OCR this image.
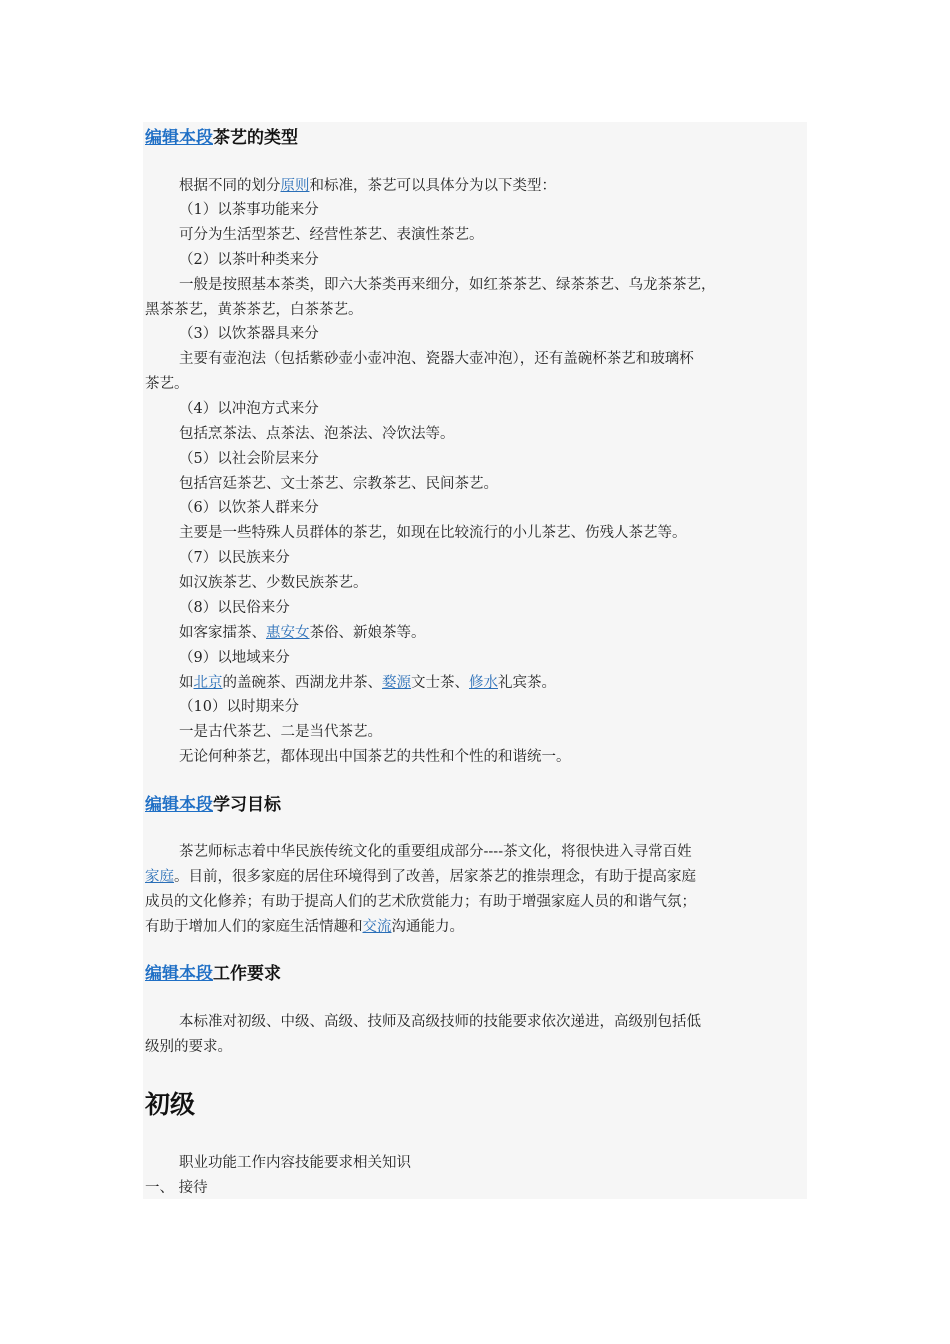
编辑本段茶艺的类型
根据不同的划分原则和标准，茶艺可以具体分为以下类型：
（1）以茶事功能来分
可分为生活型茶艺、经营性茶艺、表演性茶艺。
（2）以茶叶种类来分
一般是按照基本茶类，即六大茶类再来细分，如红茶茶艺、绿茶茶艺、乌龙茶茶艺，
黑茶茶艺，黄茶茶艺，白茶茶艺。
（3）以饮茶器具来分
主要有壶泡法（包括紫砂壶小壶冲泡、瓷器大壶冲泡），还有盖碗杯茶艺和玻璃杯
茶艺。
（4）以冲泡方式来分
包括烹茶法、点茶法、泡茶法、冷饮法等。
（5）以社会阶层来分
包括宫廷茶艺、文士茶艺、宗教茶艺、民间茶艺。
（6）以饮茶人群来分
主要是一些特殊人员群体的茶艺，如现在比较流行的小儿茶艺、伤残人茶艺等。
（7）以民族来分
如汉族茶艺、少数民族茶艺。
（8）以民俗来分
如客家擂茶、惠安女茶俗、新娘茶等。
（9）以地域来分
如北京的盖碗茶、西湖龙井茶、婺源文士茶、修水礼宾茶。
（10）以时期来分
一是古代茶艺、二是当代茶艺。
无论何种茶艺，都体现出中国茶艺的共性和个性的和谐统一。
编辑本段学习目标
茶艺师标志着中华民族传统文化的重要组成部分----茶文化，将很快进入寻常百姓
家庭。目前，很多家庭的居住环境得到了改善，居家茶艺的推崇理念，有助于提高家庭
成员的文化修养；有助于提高人们的艺术欣赏能力；有助于增强家庭人员的和谐气氛；
有助于增加人们的家庭生活情趣和交流沟通能力。
编辑本段工作要求
本标准对初级、中级、高级、技师及高级技师的技能要求依次递进，高级别包括低
级别的要求。
初级
职业功能工作内容技能要求相关知识
一、 接待
